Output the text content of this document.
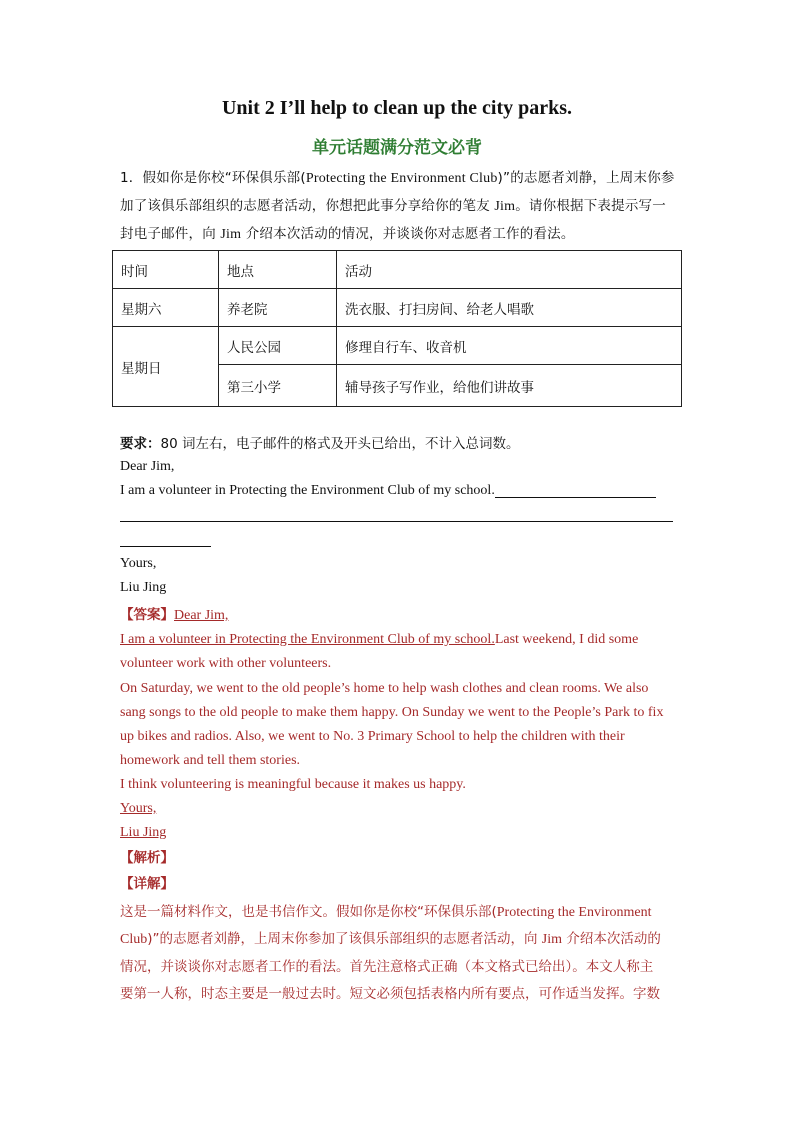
Unit 2 I’ll help to clean up the city parks.
单元话题满分范文必背
1．假如你是你校“环保俱乐部(Protecting the Environment Club)”的志愿者刘静，上周末你参
加了该俱乐部组织的志愿者活动，你想把此事分享给你的笔友 Jim。请你根据下表提示写一
封电子邮件，向 Jim 介绍本次活动的情况，并谈谈你对志愿者工作的看法。
时间	地点	活动
星期六	养老院	洗衣服、打扫房间、给老人唱歌
星期日	人民公园	修理自行车、收音机
	第三小学	辅导孩子写作业，给他们讲故事
要求：80 词左右，电子邮件的格式及开头已给出，不计入总词数。
Dear Jim,
I am a volunteer in Protecting the Environment Club of my school.
Yours,
Liu Jing
【答案】Dear Jim,
I am a volunteer in Protecting the Environment Club of my school.Last weekend, I did some
volunteer work with other volunteers.
On Saturday, we went to the old people’s home to help wash clothes and clean rooms. We also
sang songs to the old people to make them happy. On Sunday we went to the People’s Park to fix
up bikes and radios. Also, we went to No. 3 Primary School to help the children with their
homework and tell them stories.
I think volunteering is meaningful because it makes us happy.
Yours,
Liu Jing
【解析】
【详解】
这是一篇材料作文，也是书信作文。假如你是你校“环保俱乐部(Protecting the Environment
Club)”的志愿者刘静，上周末你参加了该俱乐部组织的志愿者活动，向 Jim 介绍本次活动的
情况，并谈谈你对志愿者工作的看法。首先注意格式正确（本文格式已给出）。本文人称主
要第一人称，时态主要是一般过去时。短文必须包括表格内所有要点，可作适当发挥。字数
